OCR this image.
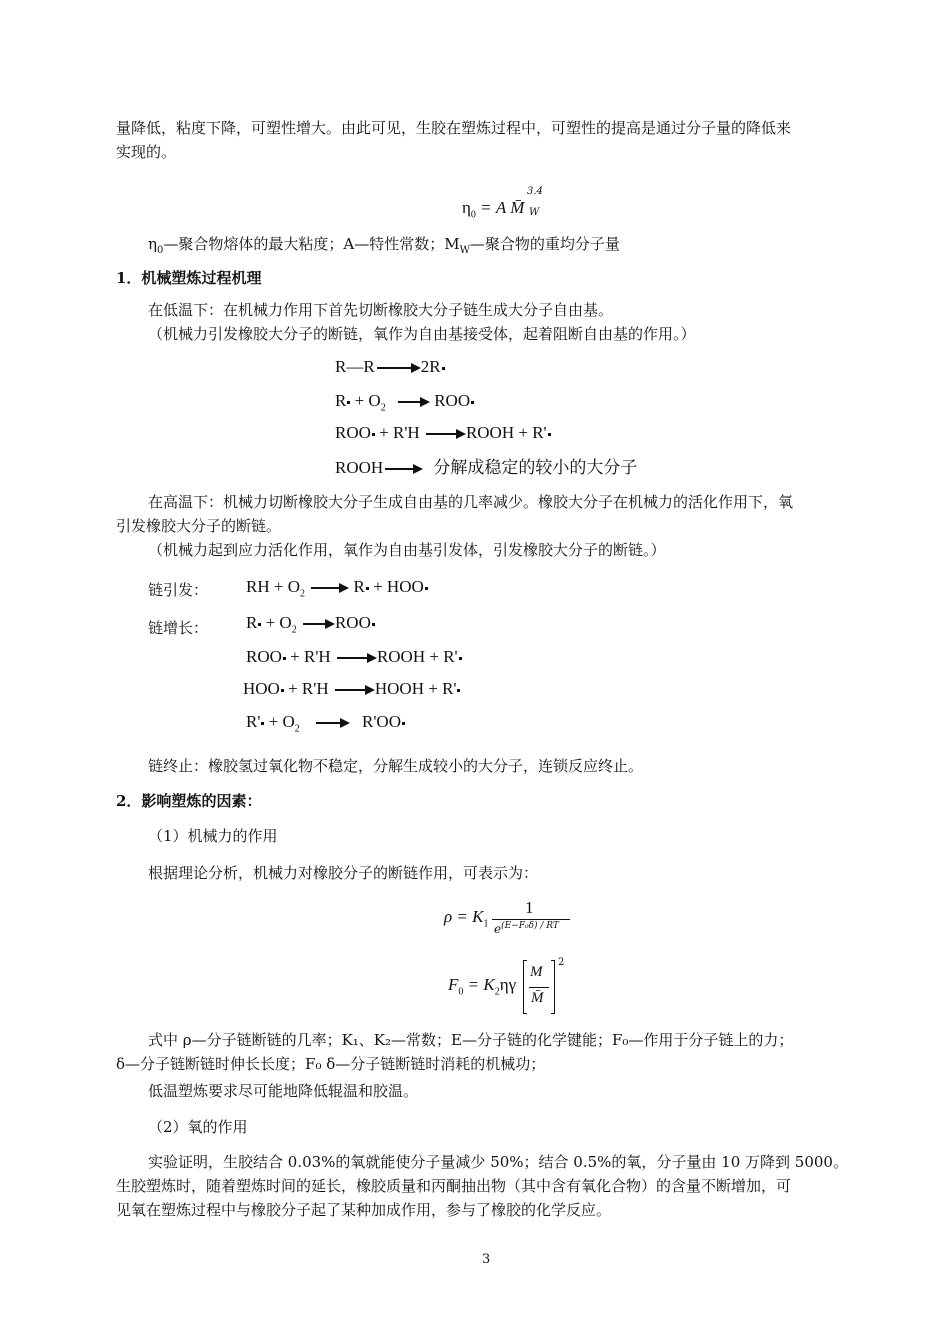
量降低，粘度下降，可塑性增大。由此可见，生胶在塑炼过程中，可塑性的提高是通过分子量的降低来
实现的。
$\eta_0 = A$ M̄
3.4
W
$\eta_0—$聚合物熔体的最大粘度；A—特性常数；$M_W—$聚合物的重均分子量
1．机械塑炼过程机理
在低温下：在机械力作用下首先切断橡胶大分子链生成大分子自由基。
（机械力引发橡胶大分子的断链，氧作为自由基接受体，起着阻断自由基的作用。）
R—R	2R
$R + O_2$	ROO
ROO + R'H	ROOH + R'
ROOH	分解成稳定的较小的大分子
在高温下：机械力切断橡胶大分子生成自由基的几率减少。橡胶大分子在机械力的活化作用下，氧
引发橡胶大分子的断链。
（机械力起到应力活化作用，氧作为自由基引发体，引发橡胶大分子的断链。）
链引发： RH + $O_2$	R + HOO
链增长： $R + O_2$ ROO
ROO + R'H	ROOH + R'
HOO + R'H	HOOH + R'
$R' + O_2$	R'OO
链终止：橡胶氢过氧化物不稳定，分解生成较小的大分子，连锁反应终止。
2．影响塑炼的因素：
（1）机械力的作用
根据理论分析，机械力对橡胶分子的断链作用，可表示为：
$\rho = K_1$
1
$e^{(E-F_0\delta) / RT}$
$F_0 = K_2\eta\gamma$
M
M̄
2
式中 ρ—分子链断链的几率；K₁、K₂—常数；E—分子链的化学键能；F₀—作用于分子链上的力；
δ—分子链断链时伸长长度；F₀ δ—分子链断链时消耗的机械功；
低温塑炼要求尽可能地降低辊温和胶温。
（2）氧的作用
实验证明，生胶结合 0.03%的氧就能使分子量减少 50%；结合 0.5%的氧，分子量由 10 万降到 5000。
生胶塑炼时，随着塑炼时间的延长，橡胶质量和丙酮抽出物（其中含有氧化合物）的含量不断增加，可
见氧在塑炼过程中与橡胶分子起了某种加成作用，参与了橡胶的化学反应。
3
